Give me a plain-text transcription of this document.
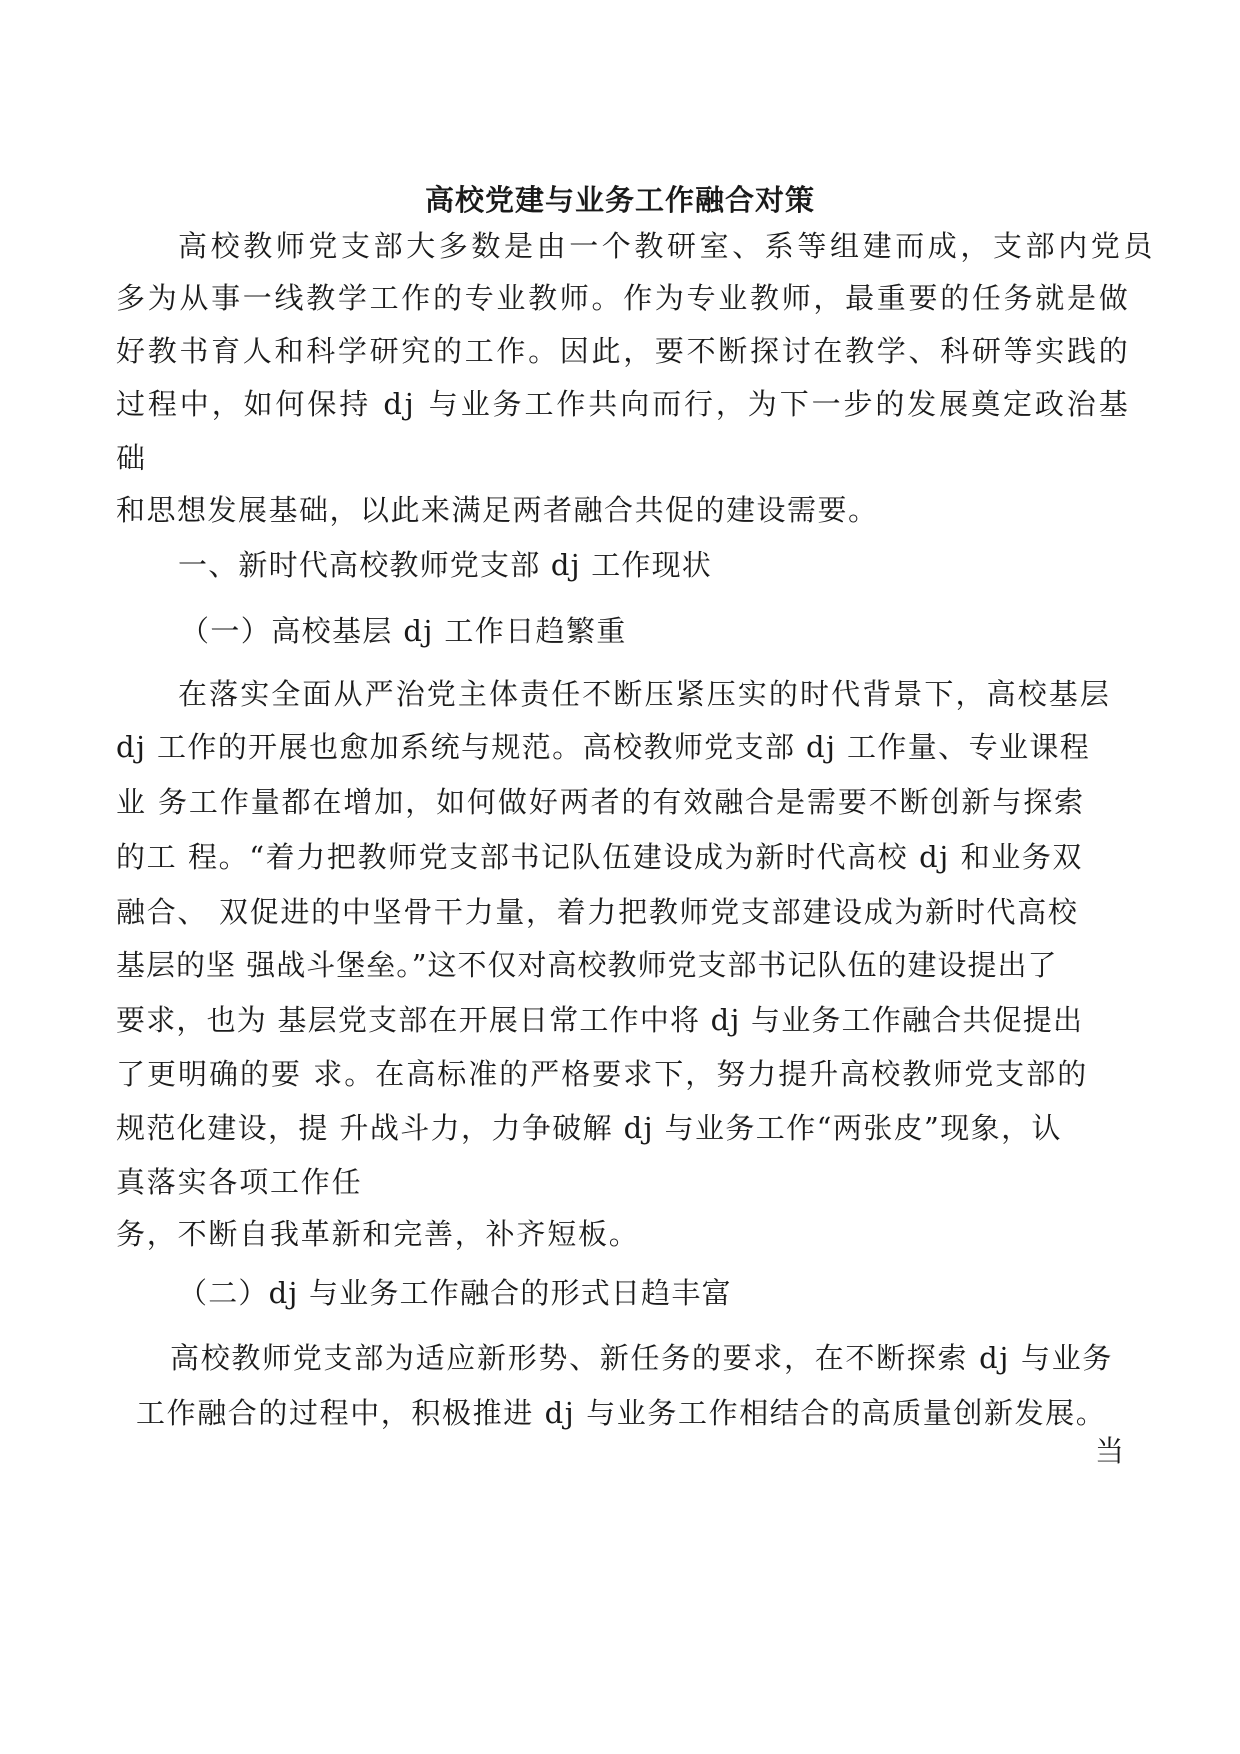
高校党建与业务工作融合对策

高校教师党支部大多数是由一个教研室、系等组建而成，支部内党员

多为从事一线教学工作的专业教师。作为专业教师，最重要的任务就是做

好教书育人和科学研究的工作。因此，要不断探讨在教学、科研等实践的

过程中，如何保持 dj 与业务工作共向而行，为下一步的发展奠定政治基

础

和思想发展基础，以此来满足两者融合共促的建设需要。

一、新时代高校教师党支部 dj 工作现状

（一）高校基层 dj 工作日趋繁重

在落实全面从严治党主体责任不断压紧压实的时代背景下，高校基层

dj 工作的开展也愈加系统与规范。高校教师党支部 dj 工作量、专业课程

业 务工作量都在增加，如何做好两者的有效融合是需要不断创新与探索

的工 程。“着力把教师党支部书记队伍建设成为新时代高校 dj 和业务双

融合、 双促进的中坚骨干力量，着力把教师党支部建设成为新时代高校

基层的坚 强战斗堡垒。”这不仅对高校教师党支部书记队伍的建设提出了

要求，也为 基层党支部在开展日常工作中将 dj 与业务工作融合共促提出

了更明确的要 求。在高标准的严格要求下，努力提升高校教师党支部的

规范化建设，提 升战斗力，力争破解 dj 与业务工作“两张皮”现象，认

真落实各项工作任

务，不断自我革新和完善，补齐短板。

（二）dj 与业务工作融合的形式日趋丰富

高校教师党支部为适应新形势、新任务的要求，在不断探索 dj 与业务

工作融合的过程中，积极推进 dj 与业务工作相结合的高质量创新发展。

当
